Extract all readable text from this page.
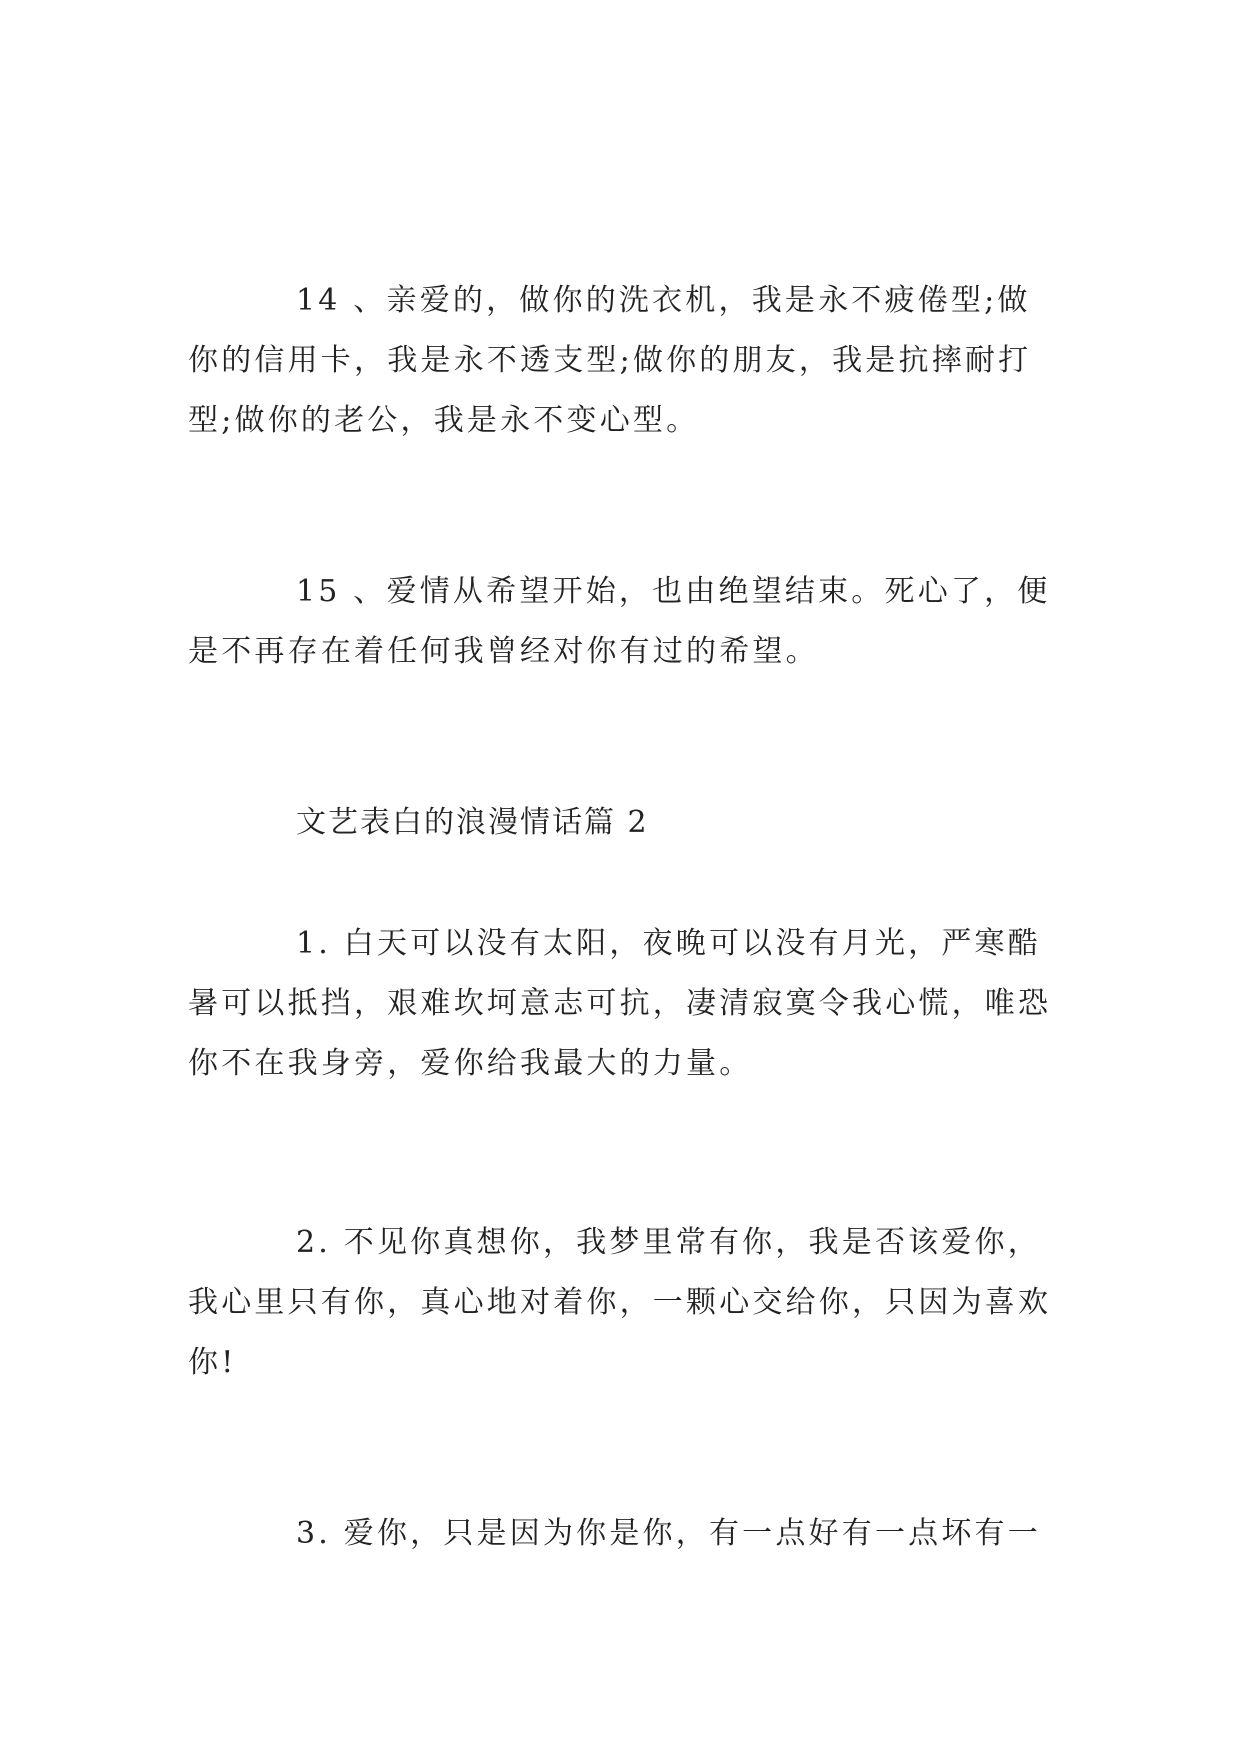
14 、亲爱的，做你的洗衣机，我是永不疲倦型;做你的信用卡，我是永不透支型;做你的朋友，我是抗摔耐打型;做你的老公，我是永不变心型。

15 、爱情从希望开始，也由绝望结束。死心了，便是不再存在着任何我曾经对你有过的希望。

文艺表白的浪漫情话篇 2

1. 白天可以没有太阳，夜晚可以没有月光，严寒酷暑可以抵挡，艰难坎坷意志可抗，凄清寂寞令我心慌，唯恐你不在我身旁，爱你给我最大的力量。

2. 不见你真想你，我梦里常有你，我是否该爱你，我心里只有你，真心地对着你，一颗心交给你，只因为喜欢你!

3. 爱你，只是因为你是你，有一点好有一点坏有一
